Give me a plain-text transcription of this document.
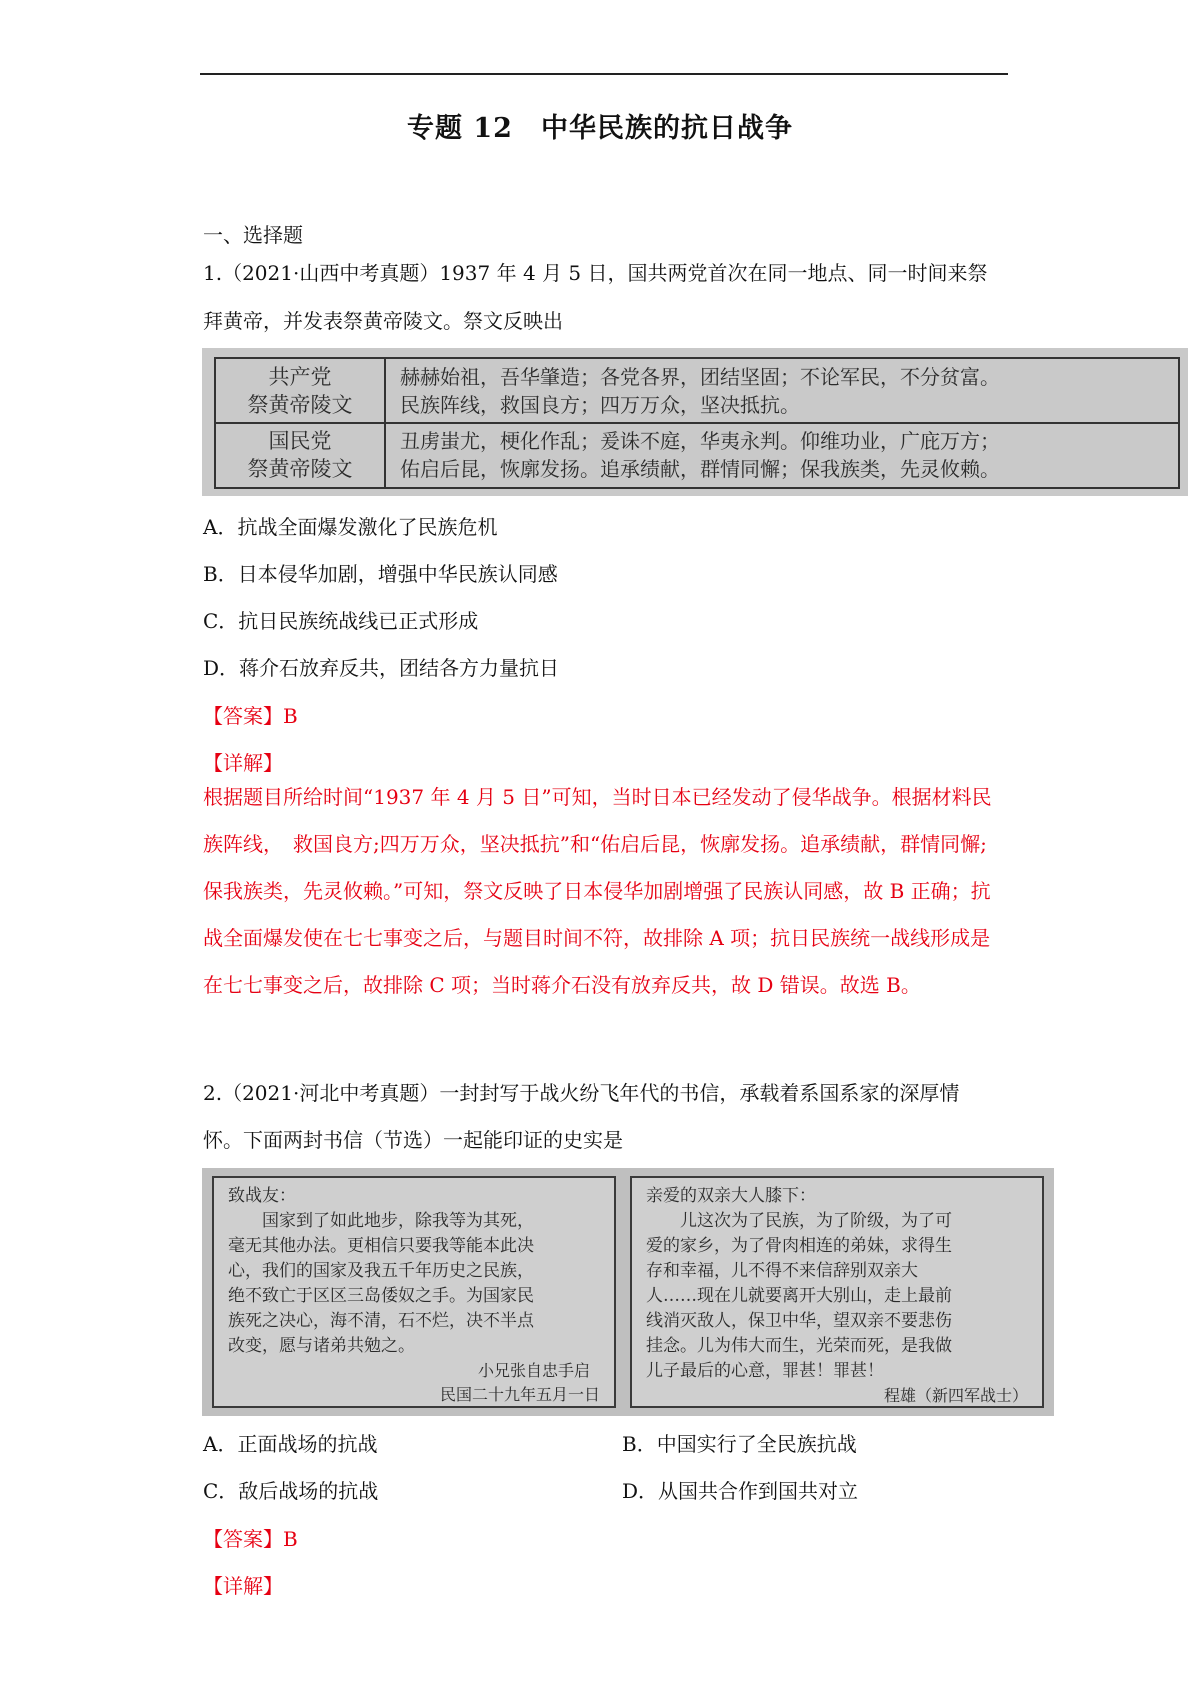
专题 12　中华民族的抗日战争
一、选择题
1.（2021·山西中考真题）1937 年 4 月 5 日，国共两党首次在同一地点、同一时间来祭
拜黄帝，并发表祭黄帝陵文。祭文反映出
共产党
祭黄帝陵文
赫赫始祖，吾华肇造；各党各界，团结坚固；不论军民，不分贫富。
民族阵线，救国良方；四万万众，坚决抵抗。
国民党
祭黄帝陵文
丑虏蚩尤，梗化作乱；爰诛不庭，华夷永判。仰维功业，广庇万方；
佑启后昆，恢廓发扬。追承绩献，群情同懈；保我族类，先灵攸赖。
A．抗战全面爆发激化了民族危机
B．日本侵华加剧，增强中华民族认同感
C．抗日民族统战线已正式形成
D．蒋介石放弃反共，团结各方力量抗日
【答案】B
【详解】
根据题目所给时间“1937 年 4 月 5 日”可知，当时日本已经发动了侵华战争。根据材料民族阵线，　救国良方;四万万众，坚决抵抗”和“佑启后昆，恢廓发扬。追承绩献，群情同懈;保我族类，先灵攸赖。”可知，祭文反映了日本侵华加剧增强了民族认同感，故 B 正确；抗战全面爆发使在七七事变之后，与题目时间不符，故排除 A 项；抗日民族统一战线形成是在七七事变之后，故排除 C 项；当时蒋介石没有放弃反共，故 D 错误。故选 B。
2.（2021·河北中考真题）一封封写于战火纷飞年代的书信，承载着系国系家的深厚情
怀。下面两封书信（节选）一起能印证的史实是
致战友：
　　国家到了如此地步，除我等为其死，
毫无其他办法。更相信只要我等能本此决
心，我们的国家及我五千年历史之民族，
绝不致亡于区区三岛倭奴之手。为国家民
族死之决心，海不清，石不烂，决不半点
改变，愿与诸弟共勉之。
小兄张自忠手启
民国二十九年五月一日
亲爱的双亲大人膝下：
　　儿这次为了民族，为了阶级，为了可
爱的家乡，为了骨肉相连的弟妹，求得生
存和幸福，儿不得不来信辞别双亲大
人……现在儿就要离开大别山，走上最前
线消灭敌人，保卫中华，望双亲不要悲伤
挂念。儿为伟大而生，光荣而死，是我做
儿子最后的心意，罪甚！罪甚！
程雄（新四军战士）
A．正面战场的抗战	B．中国实行了全民族抗战
C．敌后战场的抗战	D．从国共合作到国共对立
【答案】B
【详解】
